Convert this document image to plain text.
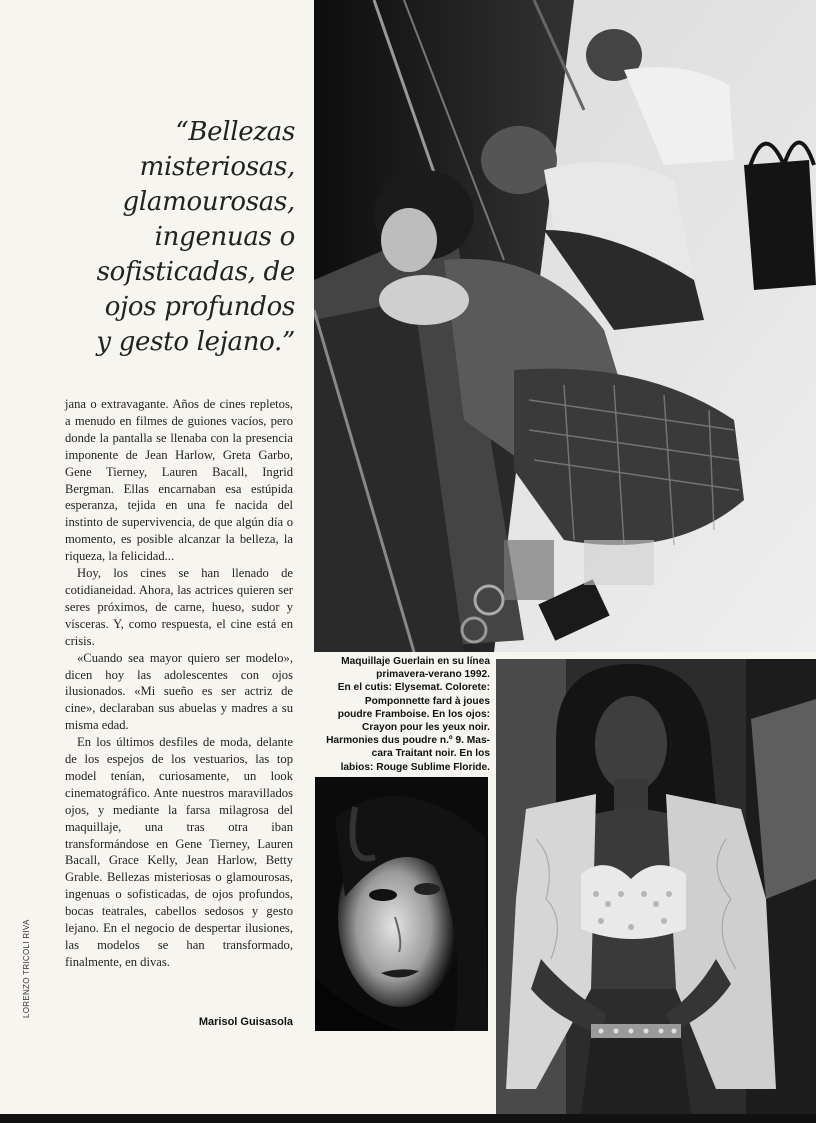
“Bellezas
misteriosas,
glamourosas,
ingenuas o
sofisticadas, de
ojos profundos
y gesto lejano.”

jana o extravagante. Años de cines repletos, a menudo en filmes de guiones vacíos, pero donde la pantalla se llenaba con la presencia imponente de Jean Harlow, Greta Garbo, Gene Tierney, Lauren Bacall, Ingrid Bergman. Ellas encarnaban esa estúpida esperanza, tejida en una fe nacida del instinto de supervivencia, de que algún día o momento, es posible alcanzar la belleza, la riqueza, la felicidad...

Hoy, los cines se han llenado de cotidianeidad. Ahora, las actrices quieren ser seres próximos, de carne, hueso, sudor y vísceras. Y, como respuesta, el cine está en crisis.

«Cuando sea mayor quiero ser modelo», dicen hoy las adolescentes con ojos ilusionados. «Mi sueño es ser actriz de cine», declaraban sus abuelas y madres a su misma edad.

En los últimos desfiles de moda, delante de los espejos de los vestuarios, las top model tenían, curiosamente, un look cinematográfico. Ante nuestros maravillados ojos, y mediante la farsa milagrosa del maquillaje, una tras otra iban transformándose en Gene Tierney, Lauren Bacall, Grace Kelly, Jean Harlow, Betty Grable. Bellezas misteriosas o glamourosas, ingenuas o sofisticadas, de ojos profundos, bocas teatrales, cabellos sedosos y gesto lejano. En el negocio de despertar ilusiones, las modelos se han transformado, finalmente, en divas.

Marisol Guisasola
LORENZO TRICOLI RIVA
Maquillaje Guerlain en su línea
primavera-verano 1992.
En el cutis: Elysemat. Colorete:
Pomponnette fard à joues
poudre Framboise. En los ojos:
Crayon pour les yeux noir.
Harmonies dus poudre n.º 9. Mas-
cara Traitant noir. En los
labios: Rouge Sublime Floride.
